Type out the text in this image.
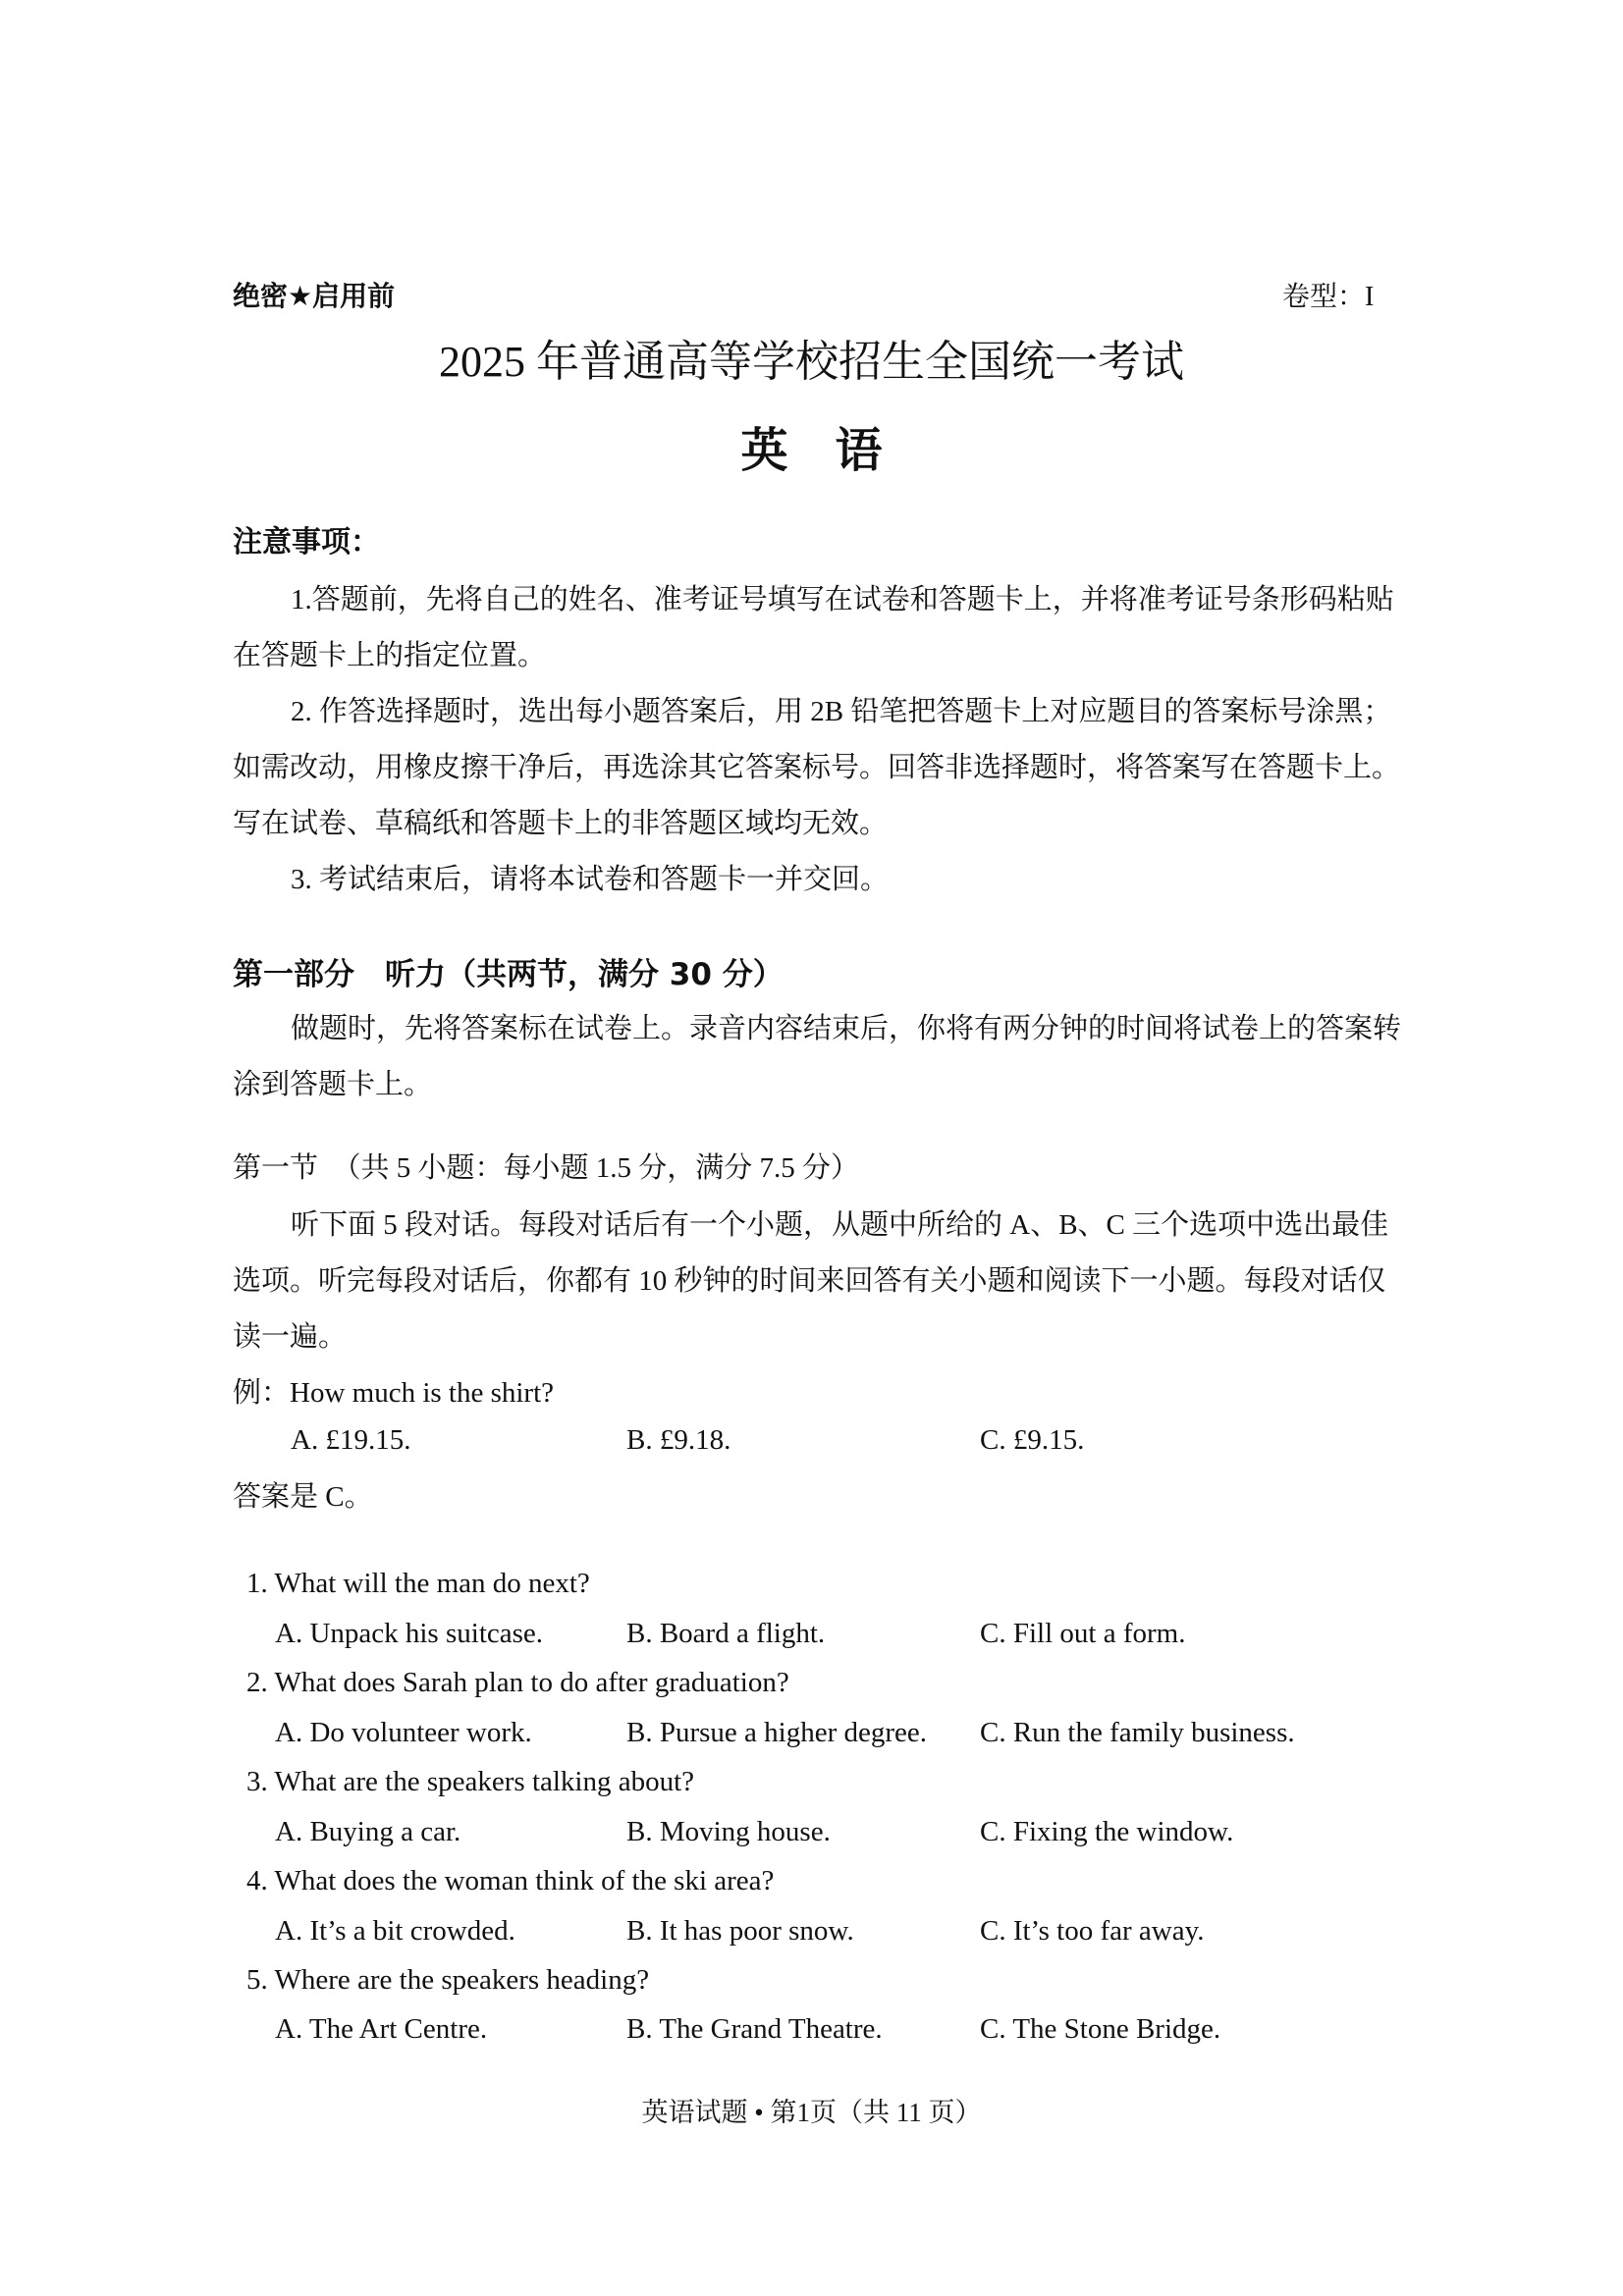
绝密★启用前	卷型：I
2025 年普通高等学校招生全国统一考试
英　语
注意事项：
1.答题前，先将自己的姓名、准考证号填写在试卷和答题卡上，并将准考证号条形码粘贴
在答题卡上的指定位置。
2. 作答选择题时，选出每小题答案后，用 2B 铅笔把答题卡上对应题目的答案标号涂黑；
如需改动，用橡皮擦干净后，再选涂其它答案标号。回答非选择题时，将答案写在答题卡上。
写在试卷、草稿纸和答题卡上的非答题区域均无效。
3. 考试结束后，请将本试卷和答题卡一并交回。
第一部分　听力（共两节，满分 30 分）
做题时，先将答案标在试卷上。录音内容结束后，你将有两分钟的时间将试卷上的答案转
涂到答题卡上。
第一节　（共 5 小题：每小题 1.5 分，满分 7.5 分）
听下面 5 段对话。每段对话后有一个小题，从题中所给的 A、B、C 三个选项中选出最佳
选项。听完每段对话后，你都有 10 秒钟的时间来回答有关小题和阅读下一小题。每段对话仅
读一遍。
例：How much is the shirt?
A. £19.15.	B. £9.18.	C. £9.15.
答案是 C。
1. What will the man do next?
A. Unpack his suitcase.	B. Board a flight.	C. Fill out a form.
2. What does Sarah plan to do after graduation?
A. Do volunteer work.	B. Pursue a higher degree. C. Run the family business.
3. What are the speakers talking about?
A. Buying a car.	B. Moving house.	C. Fixing the window.
4. What does the woman think of the ski area?
A. It’s a bit crowded.	B. It has poor snow.	C. It’s too far away.
5. Where are the speakers heading?
A. The Art Centre.	B. The Grand Theatre.	C. The Stone Bridge.
英语试题 • 第1页（共 11 页）
